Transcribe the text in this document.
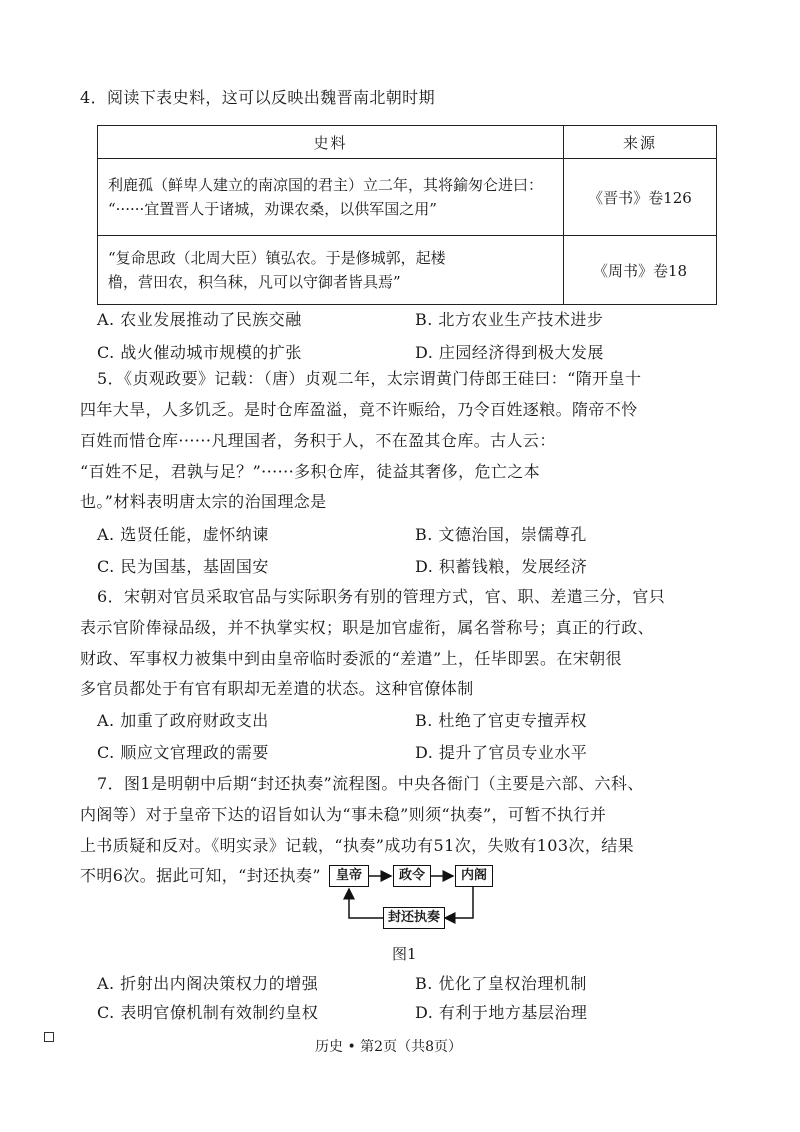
4．阅读下表史料，这可以反映出魏晋南北朝时期
史料	来源

利鹿孤（鲜卑人建立的南凉国的君主）立二年，其将鍮匆仑进曰：
“······宜置晋人于诸城，劝课农桑，以供军国之用”	《晋书》卷126

“复命思政（北周大臣）镇弘农。于是修城郭，起楼
橹，营田农，积刍秣，凡可以守御者皆具焉”	《周书》卷18
A. 农业发展推动了民族交融	B. 北方农业生产技术进步
C. 战火催动城市规模的扩张	D. 庄园经济得到极大发展
5．《贞观政要》记载：（唐）贞观二年，太宗谓黄门侍郎王硅曰：“隋开皇十
四年大旱，人多饥乏。是时仓库盈溢，竟不许赈给，乃令百姓逐粮。隋帝不怜
百姓而惜仓库······凡理国者，务积于人，不在盈其仓库。古人云：
“百姓不足，君孰与足？”······多积仓库，徒益其奢侈，危亡之本
也。”材料表明唐太宗的治国理念是
A. 选贤任能，虚怀纳谏	B. 文德治国，崇儒尊孔
C. 民为国基，基固国安	D. 积蓄钱粮，发展经济
6．宋朝对官员采取官品与实际职务有别的管理方式，官、职、差遣三分，官只
表示官阶俸禄品级，并不执掌实权；职是加官虚衔，属名誉称号；真正的行政、
财政、军事权力被集中到由皇帝临时委派的“差遣”上，任毕即罢。在宋朝很
多官员都处于有官有职却无差遣的状态。这种官僚体制
A. 加重了政府财政支出	B. 杜绝了官吏专擅弄权
C. 顺应文官理政的需要	D. 提升了官员专业水平
7．图1是明朝中后期“封还执奏”流程图。中央各衙门（主要是六部、六科、
内阁等）对于皇帝下达的诏旨如认为“事未稳”则须“执奏”，可暂不执行并
上书质疑和反对。《明实录》记载，“执奏”成功有51次，失败有103次，结果
不明6次。据此可知，“封还执奏”	皇帝	政令	内阁
封还执奏
图1
A. 折射出内阁决策权力的增强	B. 优化了皇权治理机制
C. 表明官僚机制有效制约皇权	D. 有利于地方基层治理
历史 • 第2页（共8页）
